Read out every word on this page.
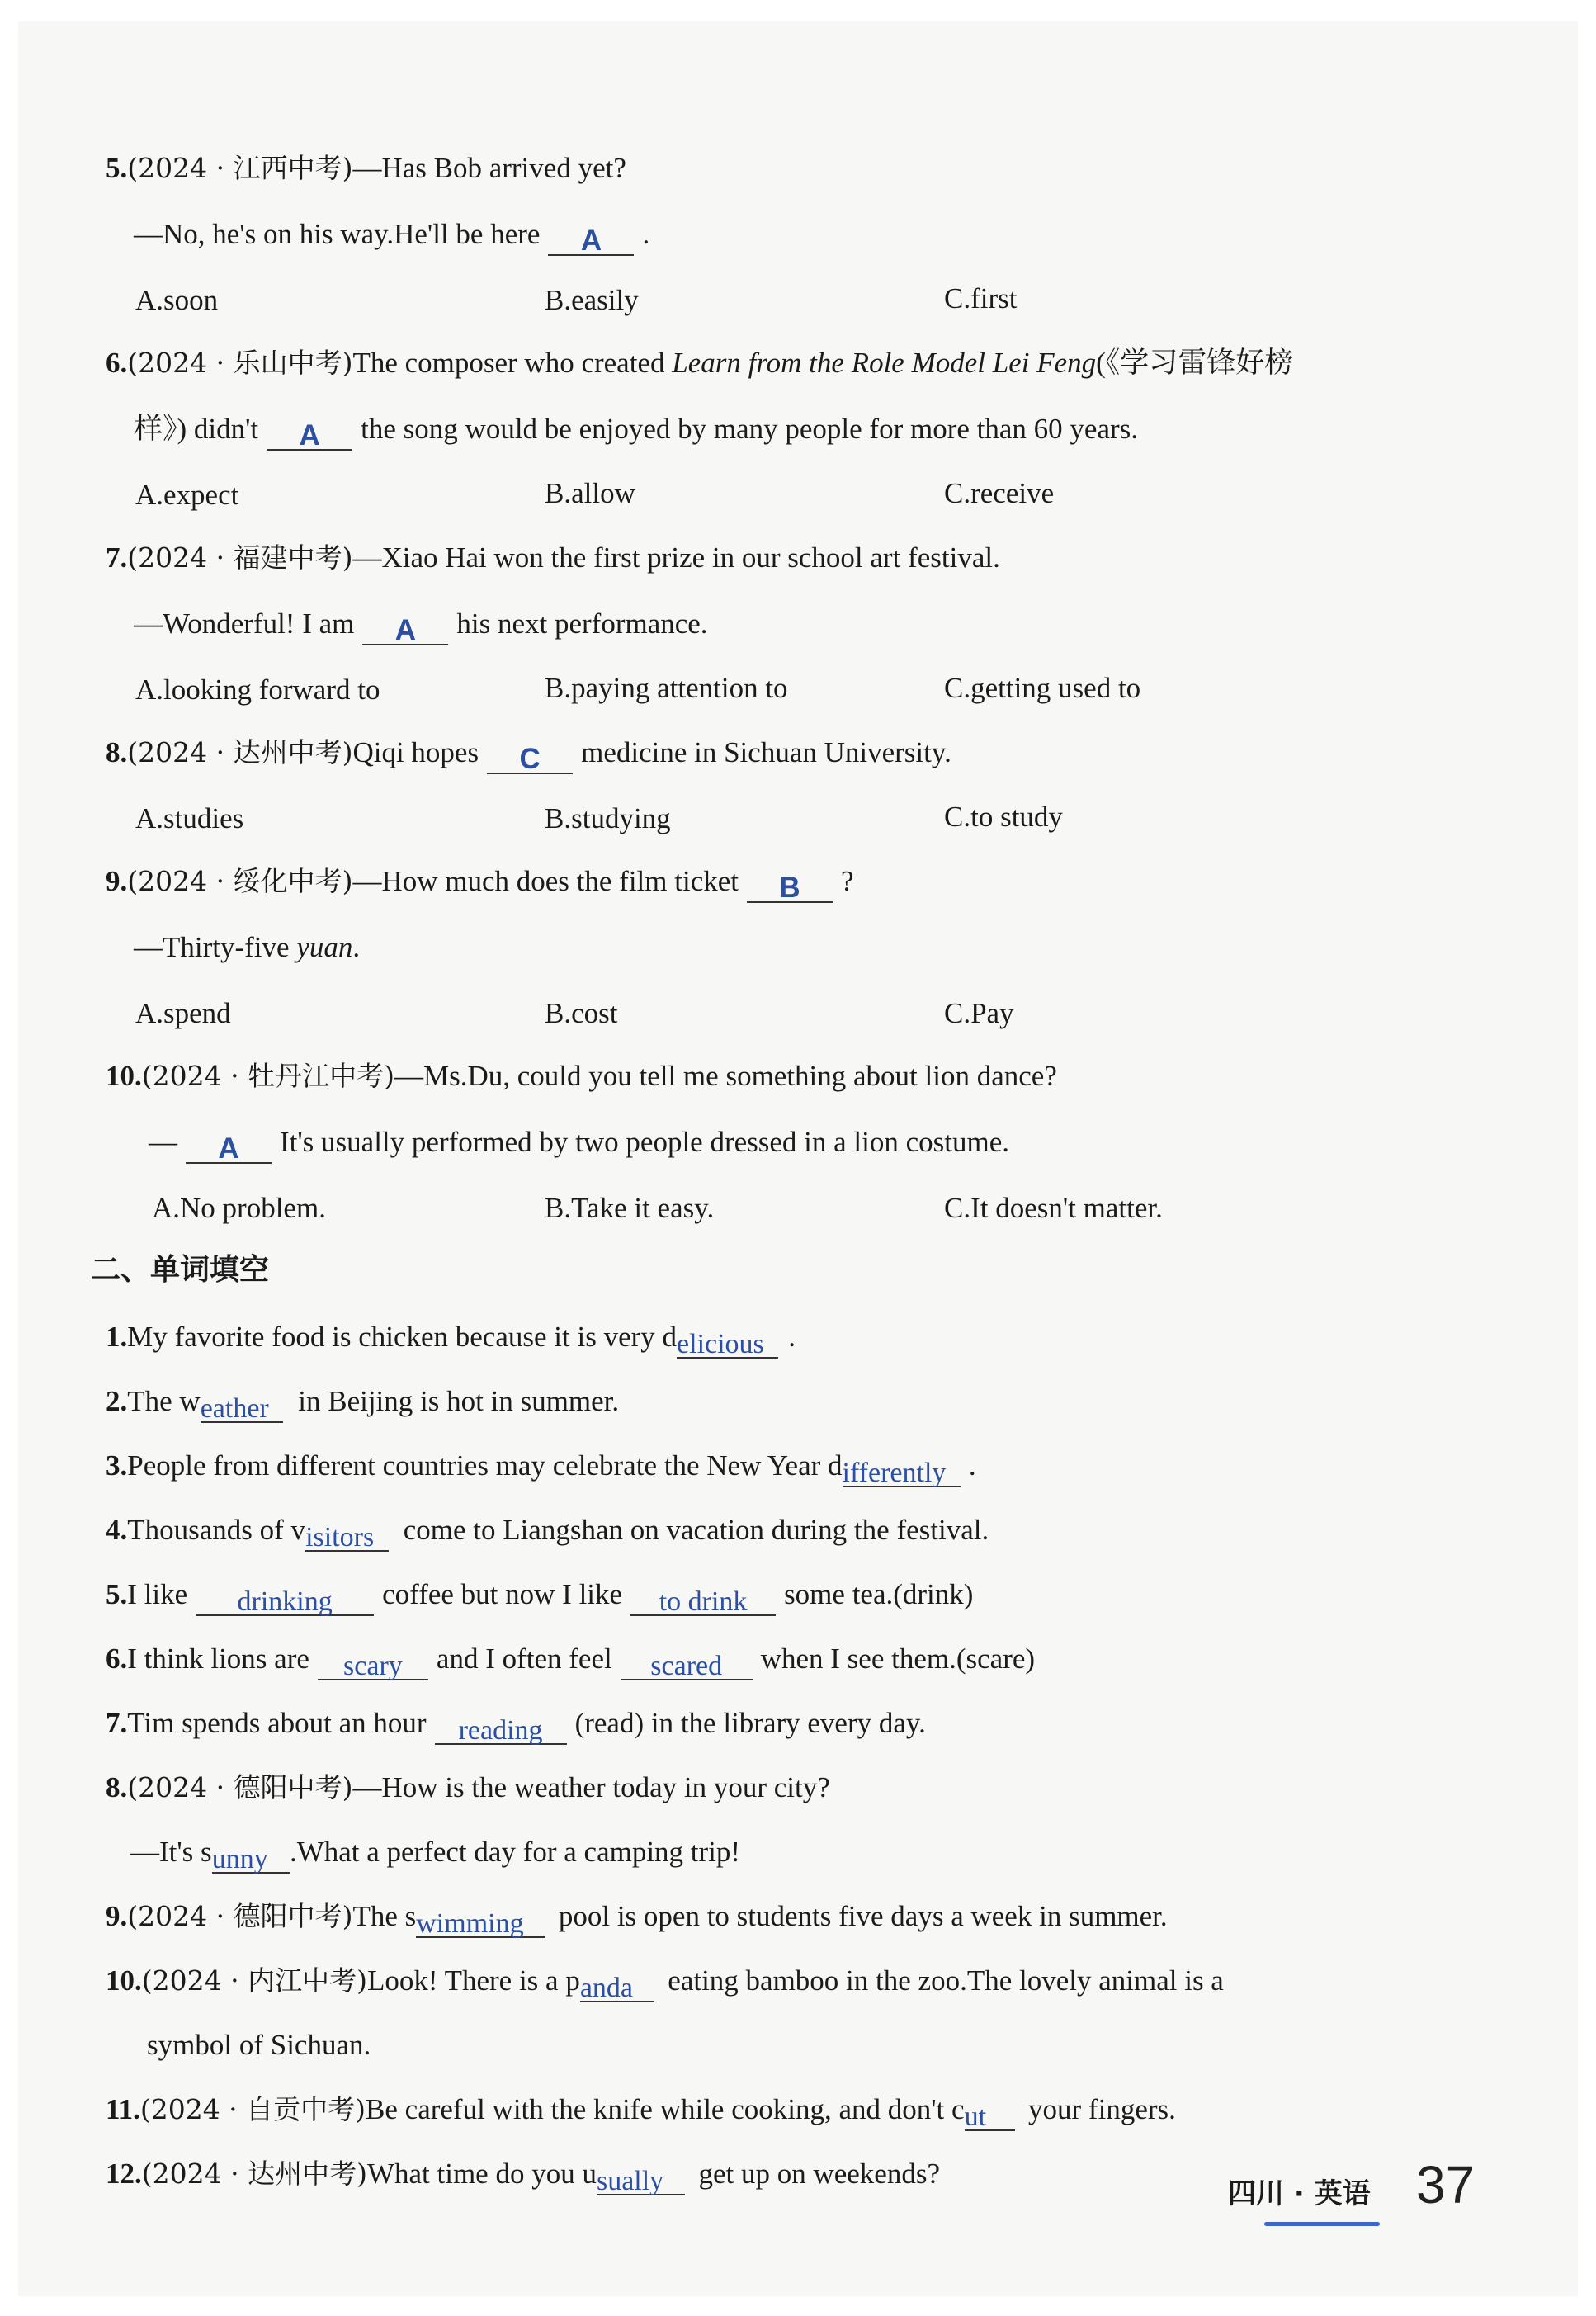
5.(2024 · 江西中考)—Has Bob arrived yet?
—No, he's on his way.He'll be here A .
A.soon	B.easily	C.first
6.(2024 · 乐山中考)The composer who created Learn from the Role Model Lei Feng(《学习雷锋好榜
样》) didn't A the song would be enjoyed by many people for more than 60 years.
A.expect	B.allow	C.receive
7.(2024 · 福建中考)—Xiao Hai won the first prize in our school art festival.
—Wonderful! I am A his next performance.
A.looking forward to	B.paying attention to	C.getting used to
8.(2024 · 达州中考)Qiqi hopes C medicine in Sichuan University.
A.studies	B.studying	C.to study
9.(2024 · 绥化中考)—How much does the film ticket B ?
—Thirty-five yuan.
A.spend	B.cost	C.Pay
10.(2024 · 牡丹江中考)—Ms.Du, could you tell me something about lion dance?
— A It's usually performed by two people dressed in a lion costume.
A.No problem.	B.Take it easy.	C.It doesn't matter.
二、单词填空
1.My favorite food is chicken because it is very delicious .
2.The weather in Beijing is hot in summer.
3.People from different countries may celebrate the New Year differently .
4.Thousands of visitors come to Liangshan on vacation during the festival.
5.I like drinking coffee but now I like to drink some tea.(drink)
6.I think lions are scary and I often feel scared when I see them.(scare)
7.Tim spends about an hour reading (read) in the library every day.
8.(2024 · 德阳中考)—How is the weather today in your city?
—It's sunny .What a perfect day for a camping trip!
9.(2024 · 德阳中考)The swimming pool is open to students five days a week in summer.
10.(2024 · 内江中考)Look! There is a panda eating bamboo in the zoo.The lovely animal is a
symbol of Sichuan.
11.(2024 · 自贡中考)Be careful with the knife while cooking, and don't cut your fingers.
12.(2024 · 达州中考)What time do you usually get up on weekends?
四川 · 英语 37
